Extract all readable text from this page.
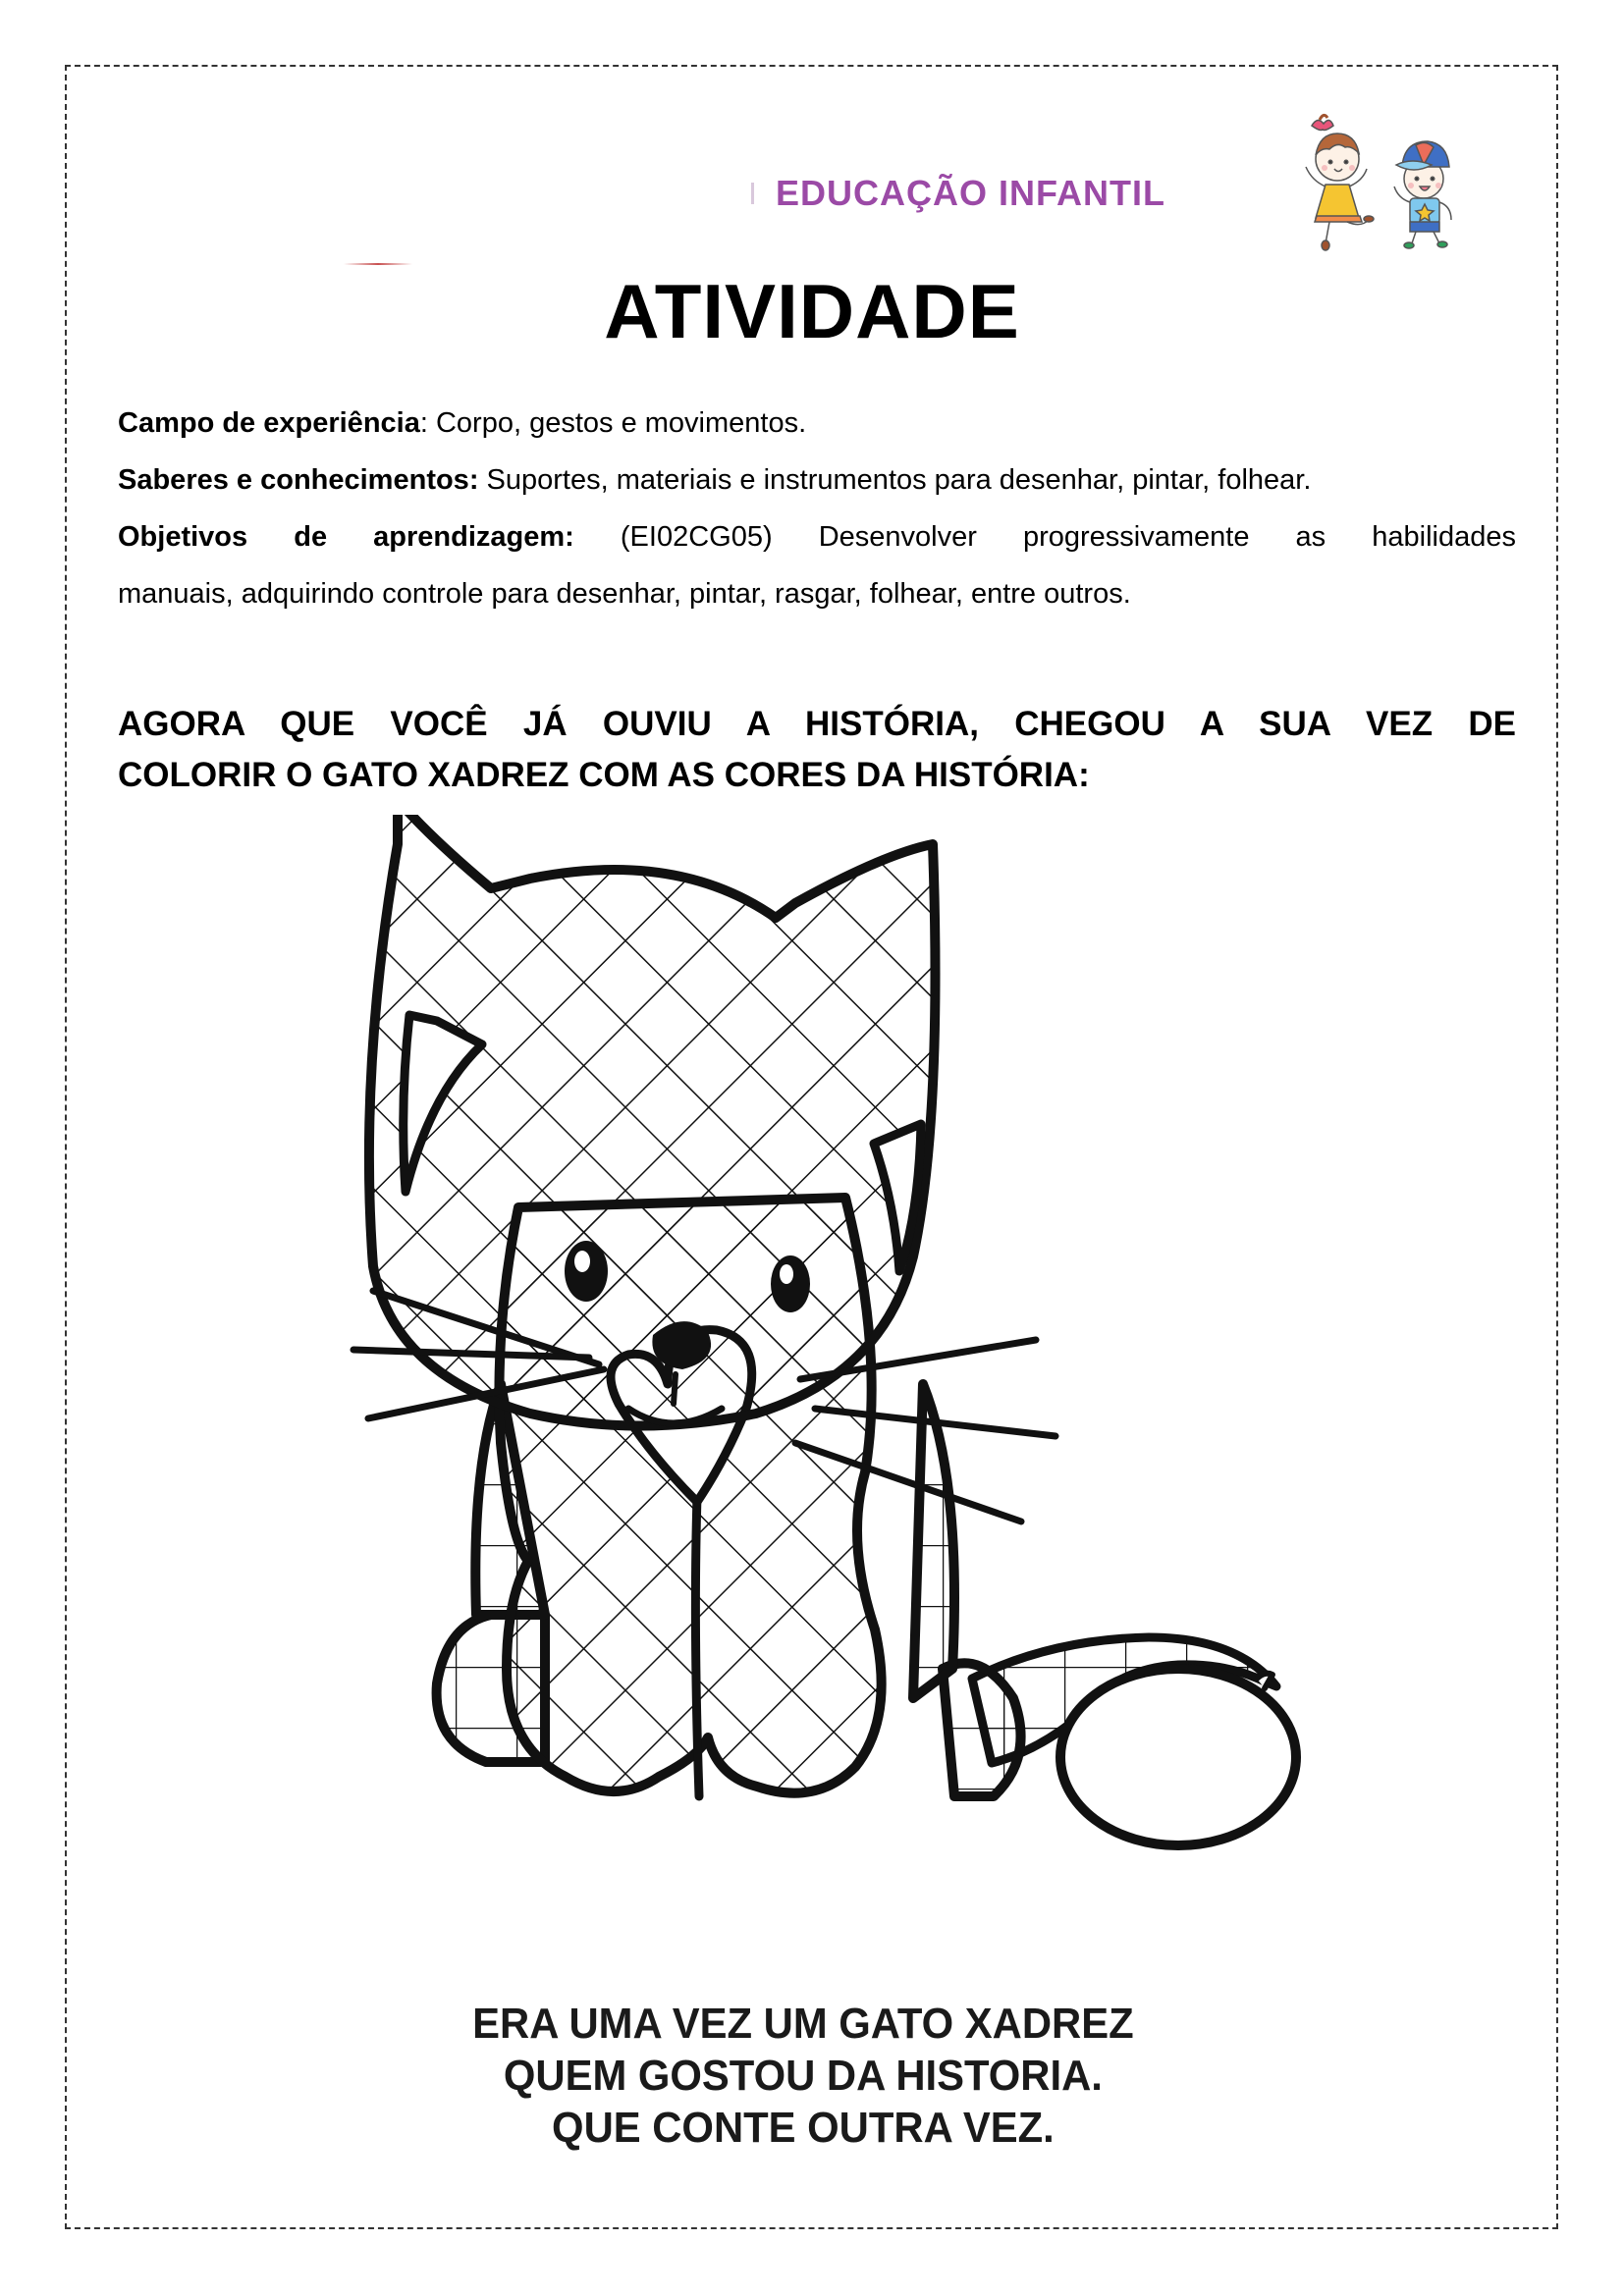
EDUCAÇÃO INFANTIL
ATIVIDADE

Campo de experiência: Corpo, gestos e movimentos.

Saberes e conhecimentos: Suportes, materiais e instrumentos para desenhar, pintar, folhear.

Objetivos de aprendizagem: (EI02CG05) Desenvolver progressivamente as habilidades

manuais, adquirindo controle para desenhar, pintar, rasgar, folhear, entre outros.

AGORA QUE VOCÊ JÁ OUVIU A HISTÓRIA, CHEGOU A SUA VEZ DE
COLORIR O GATO XADREZ COM AS CORES DA HISTÓRIA:
ERA UMA VEZ UM GATO XADREZ
QUEM GOSTOU DA HISTORIA.
QUE CONTE OUTRA VEZ.
